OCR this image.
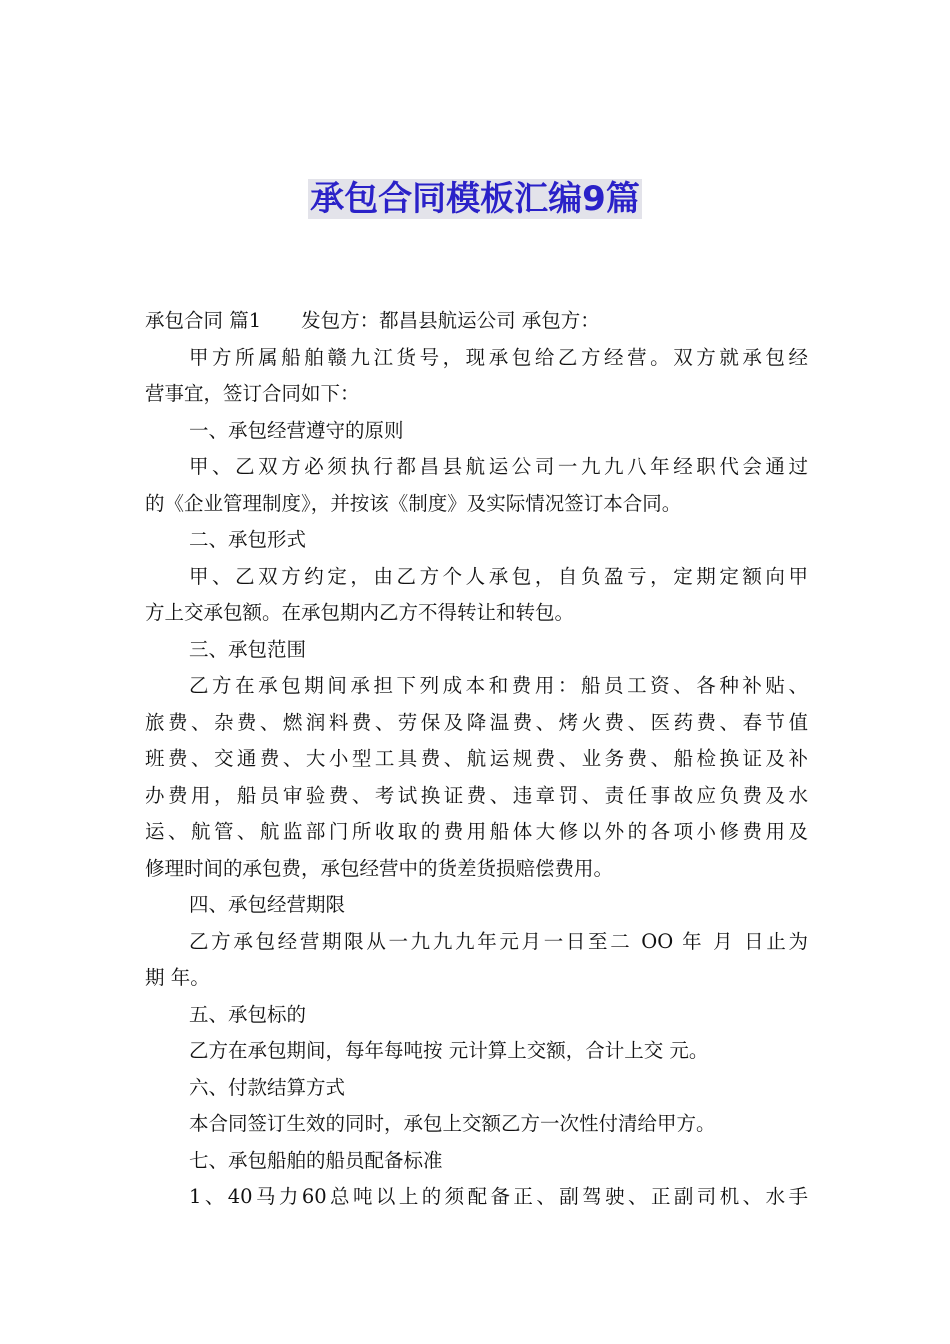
承包合同模板汇编9篇
承包合同 篇1 发包方：都昌县航运公司 承包方：
甲方所属船舶赣九江货号，现承包给乙方经营。双方就承包经
营事宜，签订合同如下：
一、承包经营遵守的原则
甲、乙双方必须执行都昌县航运公司一九九八年经职代会通过
的《企业管理制度》，并按该《制度》及实际情况签订本合同。
二、承包形式
甲、乙双方约定，由乙方个人承包，自负盈亏，定期定额向甲
方上交承包额。在承包期内乙方不得转让和转包。
三、承包范围
乙方在承包期间承担下列成本和费用：船员工资、各种补贴、
旅费、杂费、燃润料费、劳保及降温费、烤火费、医药费、春节值
班费、交通费、大小型工具费、航运规费、业务费、船检换证及补
办费用，船员审验费、考试换证费、违章罚、责任事故应负费及水
运、航管、航监部门所收取的费用船体大修以外的各项小修费用及
修理时间的承包费，承包经营中的货差货损赔偿费用。
四、承包经营期限
乙方承包经营期限从一九九九年元月一日至二 OO 年 月 日止为
期 年。
五、承包标的
乙方在承包期间，每年每吨按 元计算上交额，合计上交 元。
六、付款结算方式
本合同签订生效的同时，承包上交额乙方一次性付清给甲方。
七、承包船舶的船员配备标准
1、40马力60总吨以上的须配备正、副驾驶、正副司机、水手
